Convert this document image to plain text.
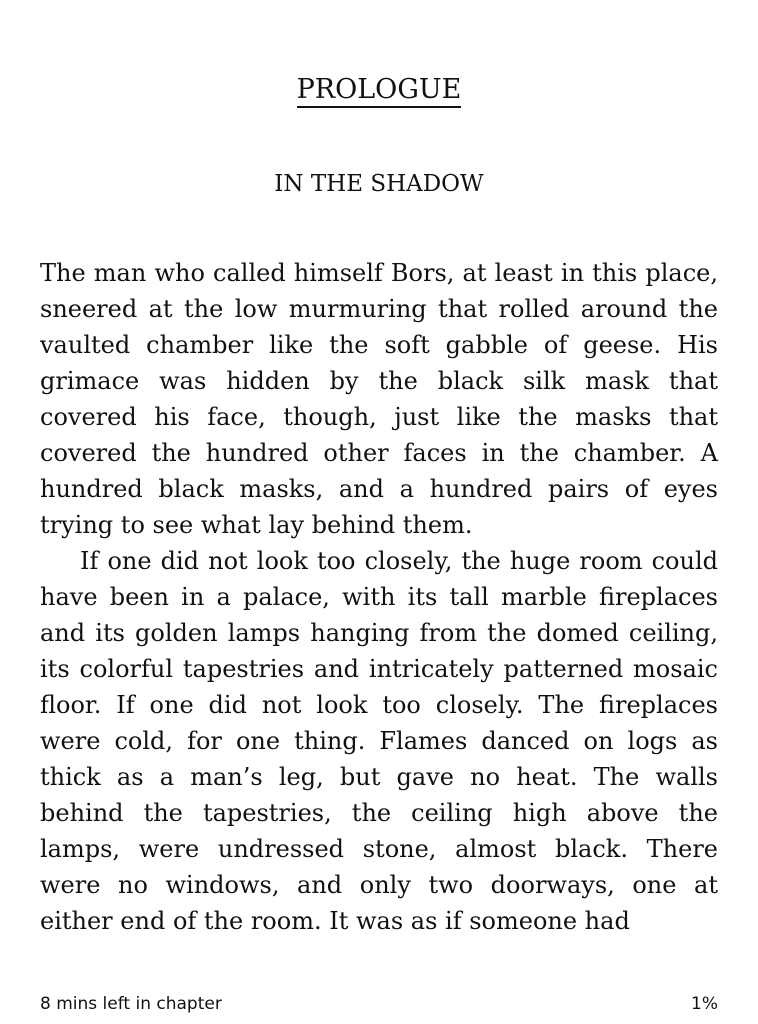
PROLOGUE
IN THE SHADOW

The man who called himself Bors, at least in this place, sneered at the low murmuring that rolled around the vaulted chamber like the soft gabble of geese. His grimace was hidden by the black silk mask that covered his face, though, just like the masks that covered the hundred other faces in the chamber. A hundred black masks, and a hundred pairs of eyes trying to see what lay behind them.

If one did not look too closely, the huge room could have been in a palace, with its tall marble fireplaces and its golden lamps hanging from the domed ceiling, its colorful tapestries and intricately patterned mosaic floor. If one did not look too closely. The fireplaces were cold, for one thing. Flames danced on logs as thick as a man’s leg, but gave no heat. The walls behind the tapestries, the ceiling high above the lamps, were undressed stone, almost black. There were no windows, and only two doorways, one at either end of the room. It was as if someone had

8 mins left in chapter	1%
